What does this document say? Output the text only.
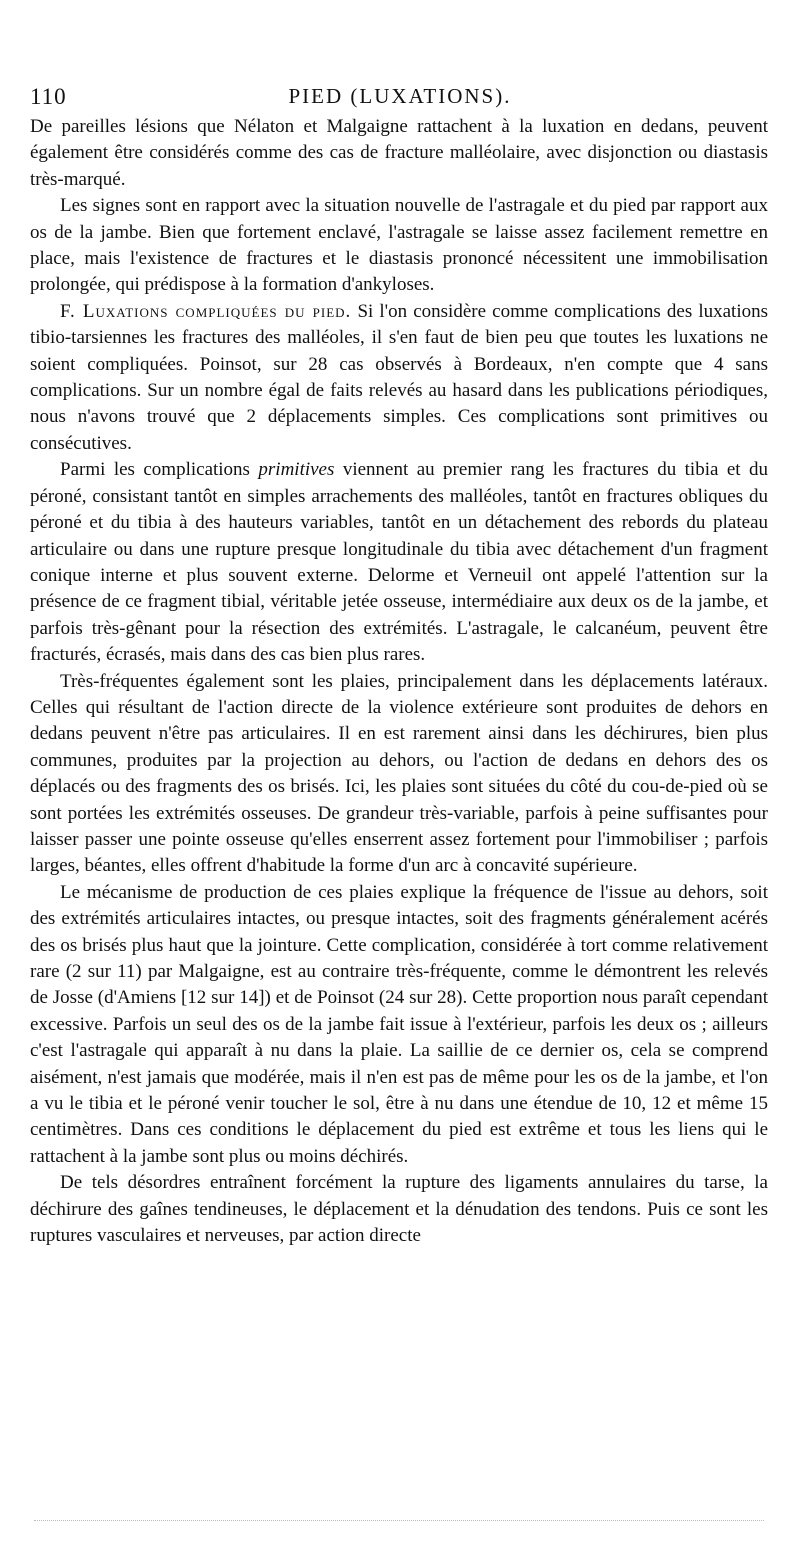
110	PIED (LUXATIONS).

De pareilles lésions que Nélaton et Malgaigne rattachent à la luxation en dedans, peuvent également être considérés comme des cas de fracture malléolaire, avec disjonction ou diastasis très-marqué.

Les signes sont en rapport avec la situation nouvelle de l'astragale et du pied par rapport aux os de la jambe. Bien que fortement enclavé, l'astragale se laisse assez facilement remettre en place, mais l'existence de fractures et le diastasis prononcé nécessitent une immobilisation prolongée, qui prédispose à la formation d'ankyloses.

F. Luxations compliquées du pied. Si l'on considère comme complications des luxations tibio-tarsiennes les fractures des malléoles, il s'en faut de bien peu que toutes les luxations ne soient compliquées. Poinsot, sur 28 cas observés à Bordeaux, n'en compte que 4 sans complications. Sur un nombre égal de faits relevés au hasard dans les publications périodiques, nous n'avons trouvé que 2 déplacements simples. Ces complications sont primitives ou consécutives.

Parmi les complications primitives viennent au premier rang les fractures du tibia et du péroné, consistant tantôt en simples arrachements des malléoles, tantôt en fractures obliques du péroné et du tibia à des hauteurs variables, tantôt en un détachement des rebords du plateau articulaire ou dans une rupture presque longitudinale du tibia avec détachement d'un fragment conique interne et plus souvent externe. Delorme et Verneuil ont appelé l'attention sur la présence de ce fragment tibial, véritable jetée osseuse, intermédiaire aux deux os de la jambe, et parfois très-gênant pour la résection des extrémités. L'astragale, le calcanéum, peuvent être fracturés, écrasés, mais dans des cas bien plus rares.

Très-fréquentes également sont les plaies, principalement dans les déplacements latéraux. Celles qui résultant de l'action directe de la violence extérieure sont produites de dehors en dedans peuvent n'être pas articulaires. Il en est rarement ainsi dans les déchirures, bien plus communes, produites par la projection au dehors, ou l'action de dedans en dehors des os déplacés ou des fragments des os brisés. Ici, les plaies sont situées du côté du cou-de-pied où se sont portées les extrémités osseuses. De grandeur très-variable, parfois à peine suffisantes pour laisser passer une pointe osseuse qu'elles enserrent assez fortement pour l'immobiliser ; parfois larges, béantes, elles offrent d'habitude la forme d'un arc à concavité supérieure.

Le mécanisme de production de ces plaies explique la fréquence de l'issue au dehors, soit des extrémités articulaires intactes, ou presque intactes, soit des fragments généralement acérés des os brisés plus haut que la jointure. Cette complication, considérée à tort comme relativement rare (2 sur 11) par Malgaigne, est au contraire très-fréquente, comme le démontrent les relevés de Josse (d'Amiens [12 sur 14]) et de Poinsot (24 sur 28). Cette proportion nous paraît cependant excessive. Parfois un seul des os de la jambe fait issue à l'extérieur, parfois les deux os ; ailleurs c'est l'astragale qui apparaît à nu dans la plaie. La saillie de ce dernier os, cela se comprend aisément, n'est jamais que modérée, mais il n'en est pas de même pour les os de la jambe, et l'on a vu le tibia et le péroné venir toucher le sol, être à nu dans une étendue de 10, 12 et même 15 centimètres. Dans ces conditions le déplacement du pied est extrême et tous les liens qui le rattachent à la jambe sont plus ou moins déchirés.

De tels désordres entraînent forcément la rupture des ligaments annulaires du tarse, la déchirure des gaînes tendineuses, le déplacement et la dénudation des tendons. Puis ce sont les ruptures vasculaires et nerveuses, par action directe
